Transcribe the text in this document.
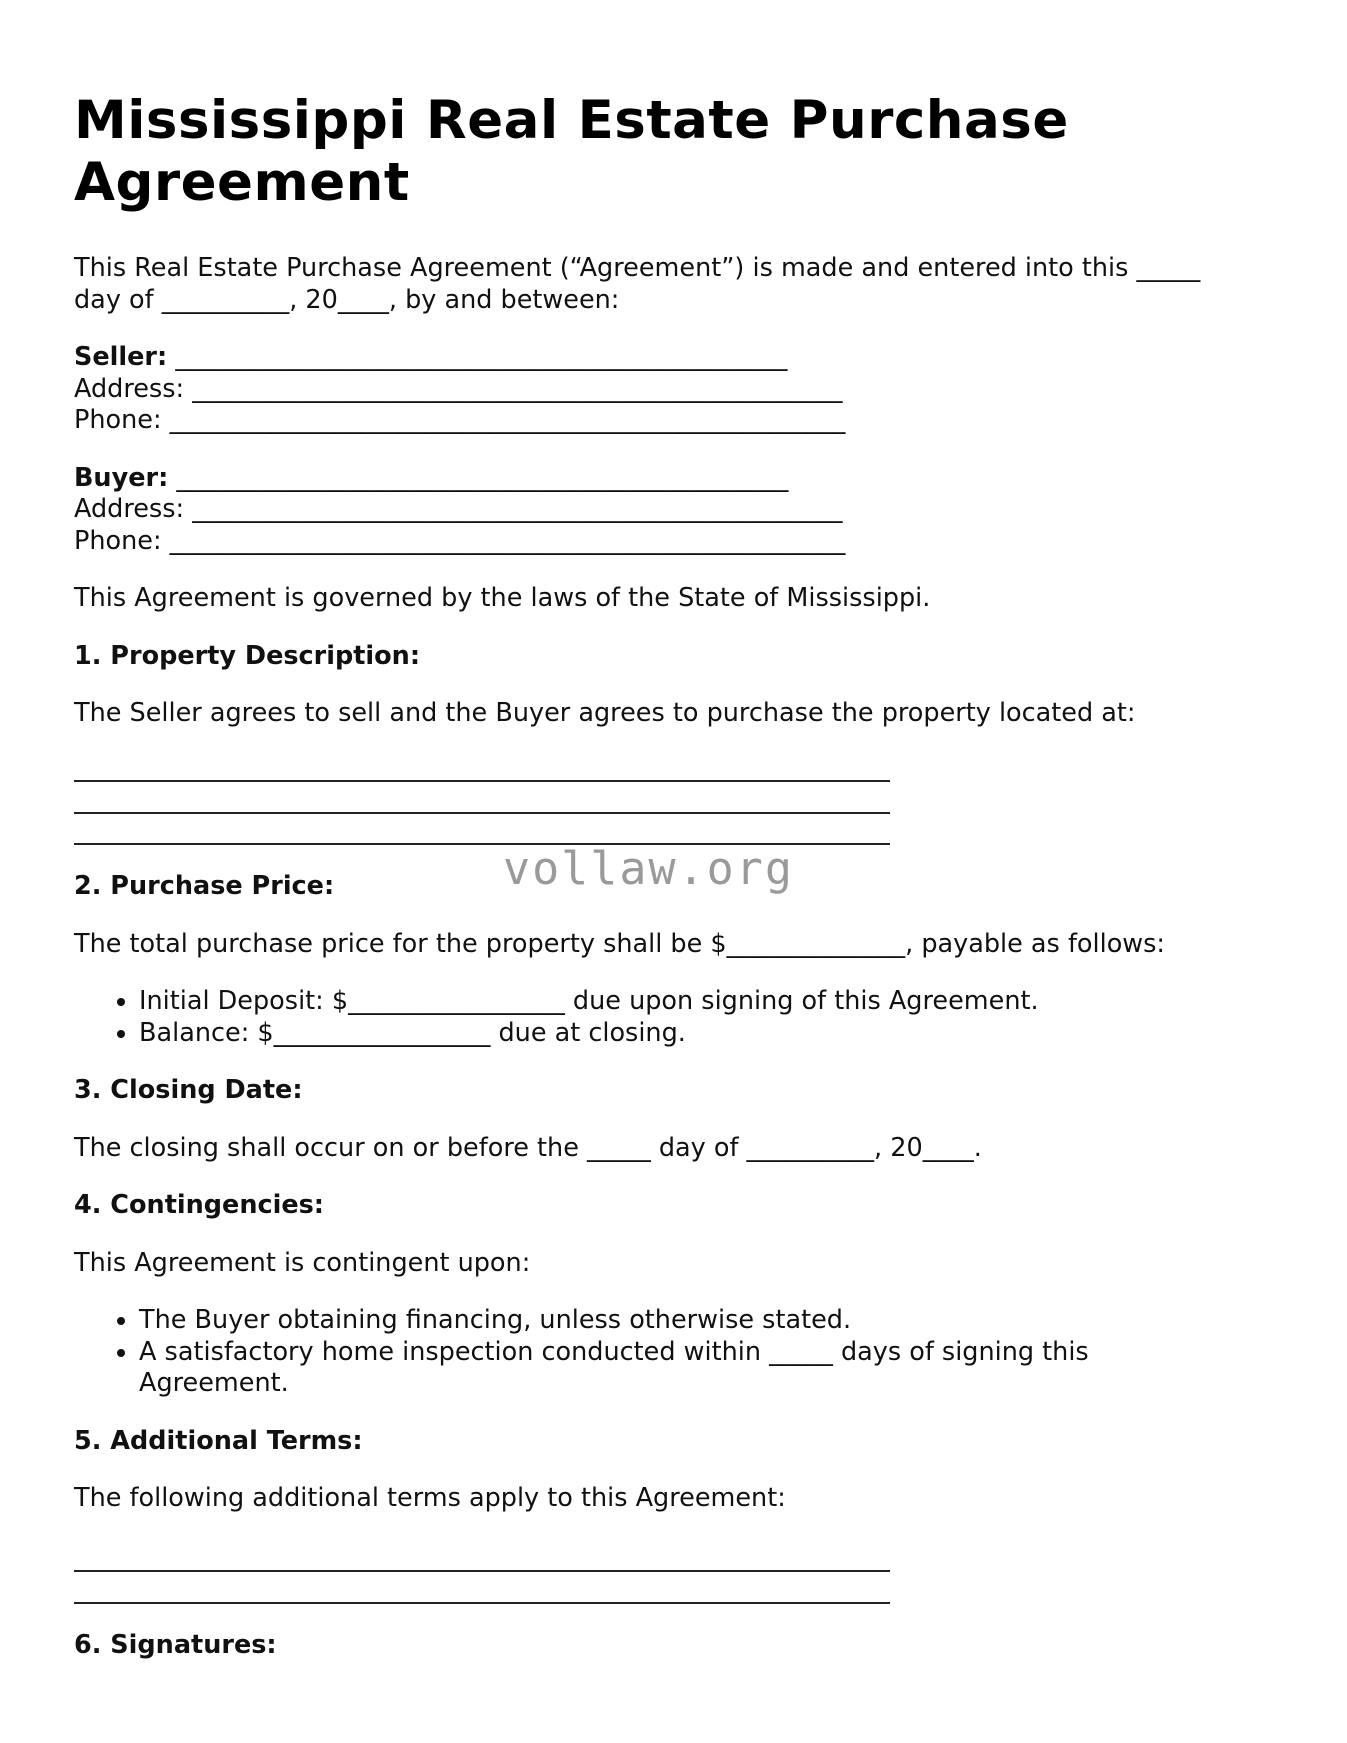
Mississippi Real Estate Purchase Agreement

This Real Estate Purchase Agreement (“Agreement”) is made and entered into this _____ day of __________, 20____, by and between:

Seller: ________________________________________________
Address: ___________________________________________________
Phone: _____________________________________________________
Buyer: ________________________________________________
Address: ___________________________________________________
Phone: _____________________________________________________

This Agreement is governed by the laws of the State of Mississippi.

1. Property Description:

The Seller agrees to sell and the Buyer agrees to purchase the property located at:

2. Purchase Price:

The total purchase price for the property shall be $______________, payable as follows:

• Initial Deposit: $_________________ due upon signing of this Agreement.
• Balance: $_________________ due at closing.
3. Closing Date:

The closing shall occur on or before the _____ day of __________, 20____.

4. Contingencies:

This Agreement is contingent upon:

• The Buyer obtaining financing, unless otherwise stated.
• A satisfactory home inspection conducted within _____ days of signing this Agreement.
5. Additional Terms:

The following additional terms apply to this Agreement:

6. Signatures:
vollaw.org
